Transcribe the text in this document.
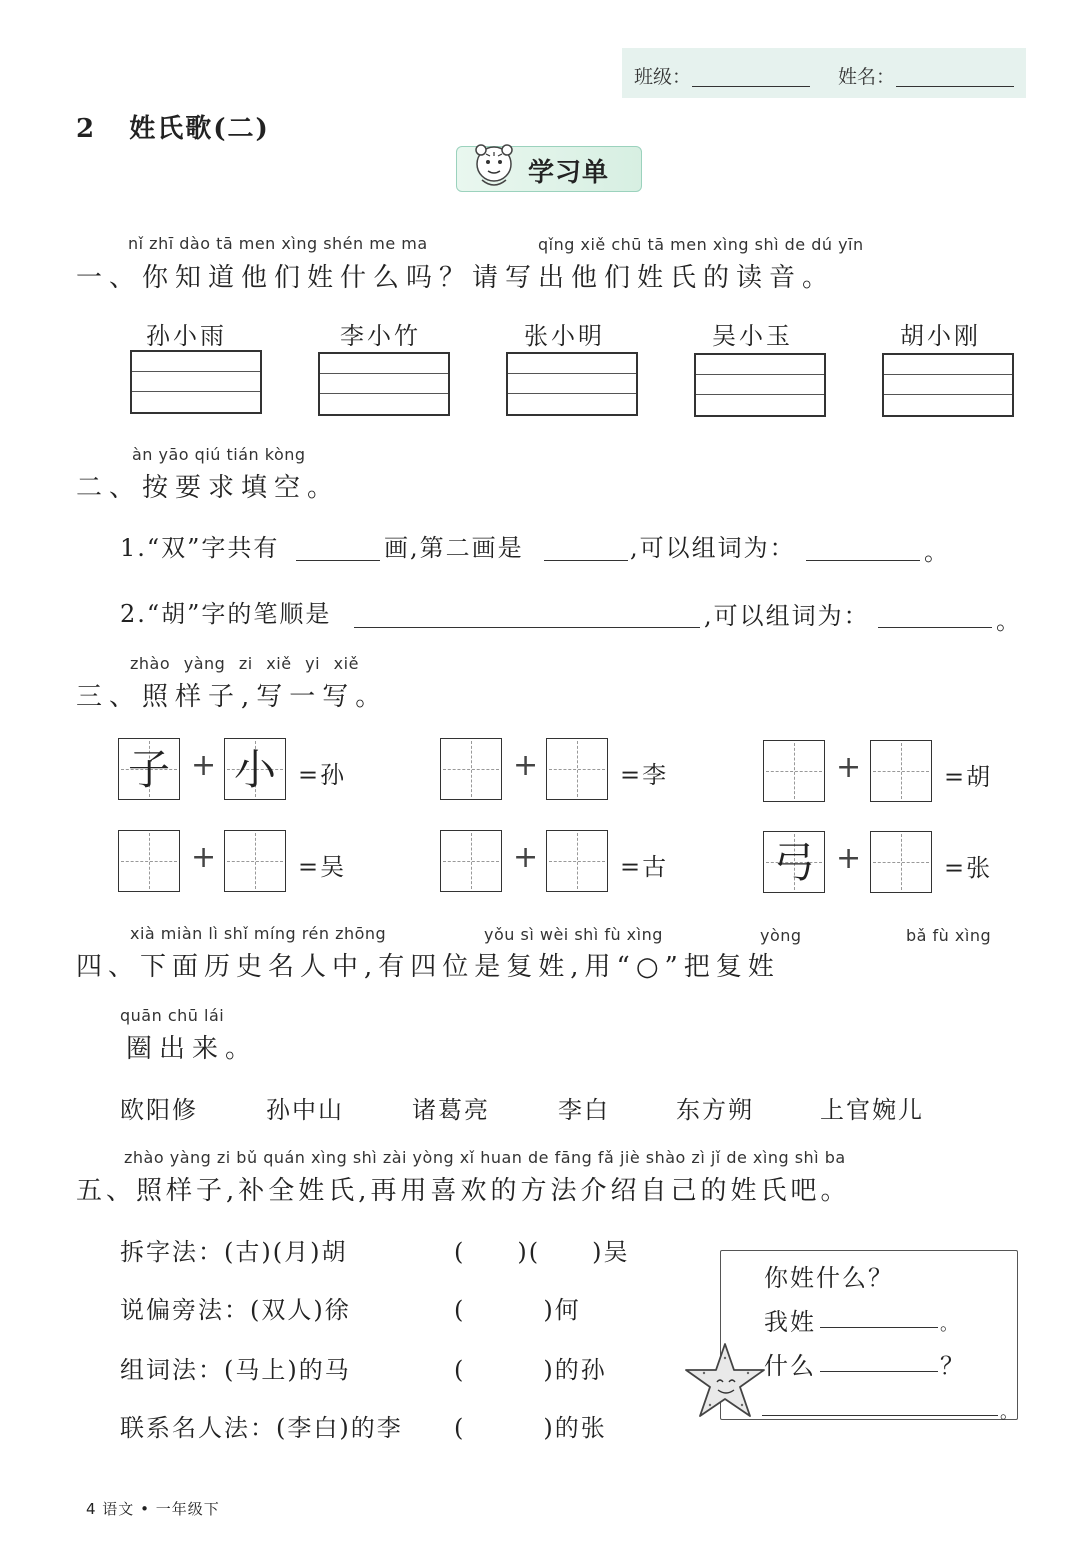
班级：	姓名：
2 姓氏歌(二)
学习单
nǐ zhī dào tā men xìng shén me ma	qǐng xiě chū tā men xìng shì de dú yīn
一、你知道他们姓什么吗？请写出他们姓氏的读音。
孙小雨	李小竹	张小明	吴小玉	胡小刚
àn yāo qiú tián kòng
二、按要求填空。
1.“双”字共有	画,第二画是	,可以组词为：	。
2.“胡”字的笔顺是	,可以组词为：	。
zhào yàng zi xiě yi xiě
三、照样子,写一写。
子 + 小 =孙	+	=李	+	=胡
+	=吴	+	=古 弓 +	=张
xià miàn lì shǐ míng rén zhōng	yǒu sì wèi shì fù xìng	yòng	bǎ fù xìng
四、下面历史名人中,有四位是复姓,用“○”把复姓
quān chū lái
圈出来。
欧阳修	孙中山	诸葛亮	李白	东方朔	上官婉儿
zhào yàng zi bǔ quán xìng shì zài yòng xǐ huan de fāng fǎ jiè shào zì jǐ de xìng shì ba
五、照样子,补全姓氏,再用喜欢的方法介绍自己的姓氏吧。
拆字法：(古)(月)胡	(　　)(　　)吴
说偏旁法：(双人)徐	(　　　)何
组词法：(马上)的马	(　　　)的孙
联系名人法：(李白)的李 (　　　)的张
你姓什么？
我姓	。
什么	？
。
4 语文 • 一年级下
